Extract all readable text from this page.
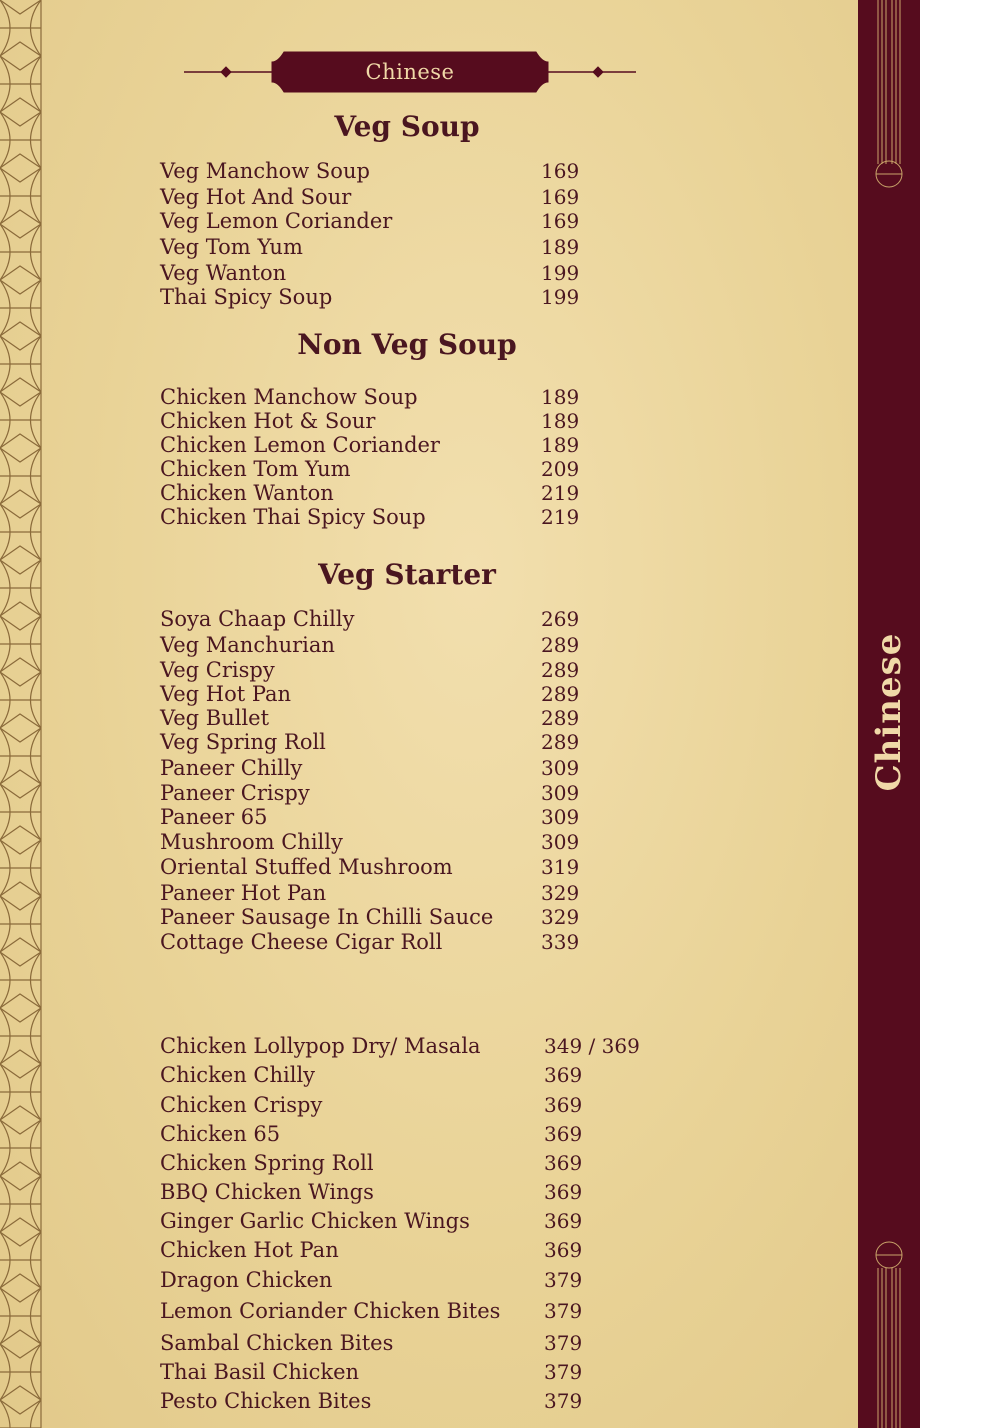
Chinese
Veg Soup
Veg Manchow Soup	169
Veg Hot And Sour	169
Veg Lemon Coriander	169
Veg Tom Yum	189
Veg Wanton	199
Thai Spicy Soup	199
Non Veg Soup
Chicken Manchow Soup	189
Chicken Hot & Sour	189
Chicken Lemon Coriander	189
Chicken Tom Yum	209
Chicken Wanton	219
Chicken Thai Spicy Soup	219
Veg Starter
Soya Chaap Chilly	269
Veg Manchurian	289
Veg Crispy	289
Veg Hot Pan	289
Veg Bullet	289
Veg Spring Roll	289
Paneer Chilly	309
Paneer Crispy	309
Paneer 65	309
Mushroom Chilly	309
Oriental Stuffed Mushroom	319
Paneer Hot Pan	329
Paneer Sausage In Chilli Sauce 329
Cottage Cheese Cigar Roll	339
Chicken Lollypop Dry/ Masala	349 / 369
Chicken Chilly	369
Chicken Crispy	369
Chicken 65	369
Chicken Spring Roll	369
BBQ Chicken Wings	369
Ginger Garlic Chicken Wings	369
Chicken Hot Pan	369
Dragon Chicken	379
Lemon Coriander Chicken Bites 379
Sambal Chicken Bites	379
Thai Basil Chicken	379
Pesto Chicken Bites	379
Chinese
